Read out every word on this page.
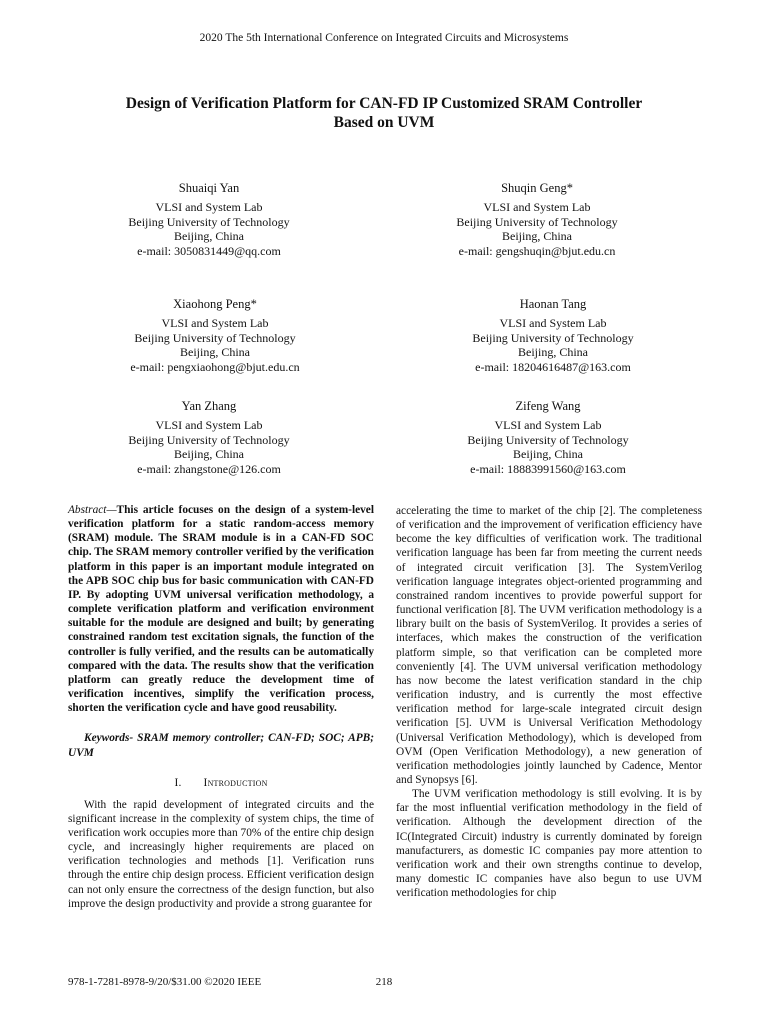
2020 The 5th International Conference on Integrated Circuits and Microsystems
Design of Verification Platform for CAN-FD IP Customized SRAM Controller
Based on UVM
Shuaiqi Yan
VLSI and System Lab
Beijing University of Technology
Beijing, China
e-mail: 3050831449@qq.com
Shuqin Geng*
VLSI and System Lab
Beijing University of Technology
Beijing, China
e-mail: gengshuqin@bjut.edu.cn
Xiaohong Peng*
VLSI and System Lab
Beijing University of Technology
Beijing, China
e-mail: pengxiaohong@bjut.edu.cn
Haonan Tang
VLSI and System Lab
Beijing University of Technology
Beijing, China
e-mail: 18204616487@163.com
Yan Zhang
VLSI and System Lab
Beijing University of Technology
Beijing, China
e-mail: zhangstone@126.com
Zifeng Wang
VLSI and System Lab
Beijing University of Technology
Beijing, China
e-mail: 18883991560@163.com

Abstract—This article focuses on the design of a system-level verification platform for a static random-access memory (SRAM) module. The SRAM module is in a CAN-FD SOC chip. The SRAM memory controller verified by the verification platform in this paper is an important module integrated on the APB SOC chip bus for basic communication with CAN-FD IP. By adopting UVM universal verification methodology, a complete verification platform and verification environment suitable for the module are designed and built; by generating constrained random test excitation signals, the function of the controller is fully verified, and the results can be automatically compared with the data. The results show that the verification platform can greatly reduce the development time of verification incentives, simplify the verification process, shorten the verification cycle and have good reusability.

Keywords- SRAM memory controller; CAN-FD; SOC; APB; UVM

I. Introduction

With the rapid development of integrated circuits and the significant increase in the complexity of system chips, the time of verification work occupies more than 70% of the entire chip design cycle, and increasingly higher requirements are placed on verification technologies and methods [1]. Verification runs through the entire chip design process. Efficient verification design can not only ensure the correctness of the design function, but also improve the design productivity and provide a strong guarantee for

accelerating the time to market of the chip [2]. The completeness of verification and the improvement of verification efficiency have become the key difficulties of verification work. The traditional verification language has been far from meeting the current needs of integrated circuit verification [3]. The SystemVerilog verification language integrates object-oriented programming and constrained random incentives to provide powerful support for functional verification [8]. The UVM verification methodology is a library built on the basis of SystemVerilog. It provides a series of interfaces, which makes the construction of the verification platform simple, so that verification can be completed more conveniently [4]. The UVM universal verification methodology has now become the latest verification standard in the chip verification industry, and is currently the most effective verification method for large-scale integrated circuit design verification [5]. UVM is Universal Verification Methodology (Universal Verification Methodology), which is developed from OVM (Open Verification Methodology), a new generation of verification methodologies jointly launched by Cadence, Mentor and Synopsys [6].

The UVM verification methodology is still evolving. It is by far the most influential verification methodology in the field of verification. Although the development direction of the IC(Integrated Circuit) industry is currently dominated by foreign manufacturers, as domestic IC companies pay more attention to verification work and their own strengths continue to develop, many domestic IC companies have also begun to use UVM verification methodologies for chip

978-1-7281-8978-9/20/$31.00 ©2020 IEEE	218
